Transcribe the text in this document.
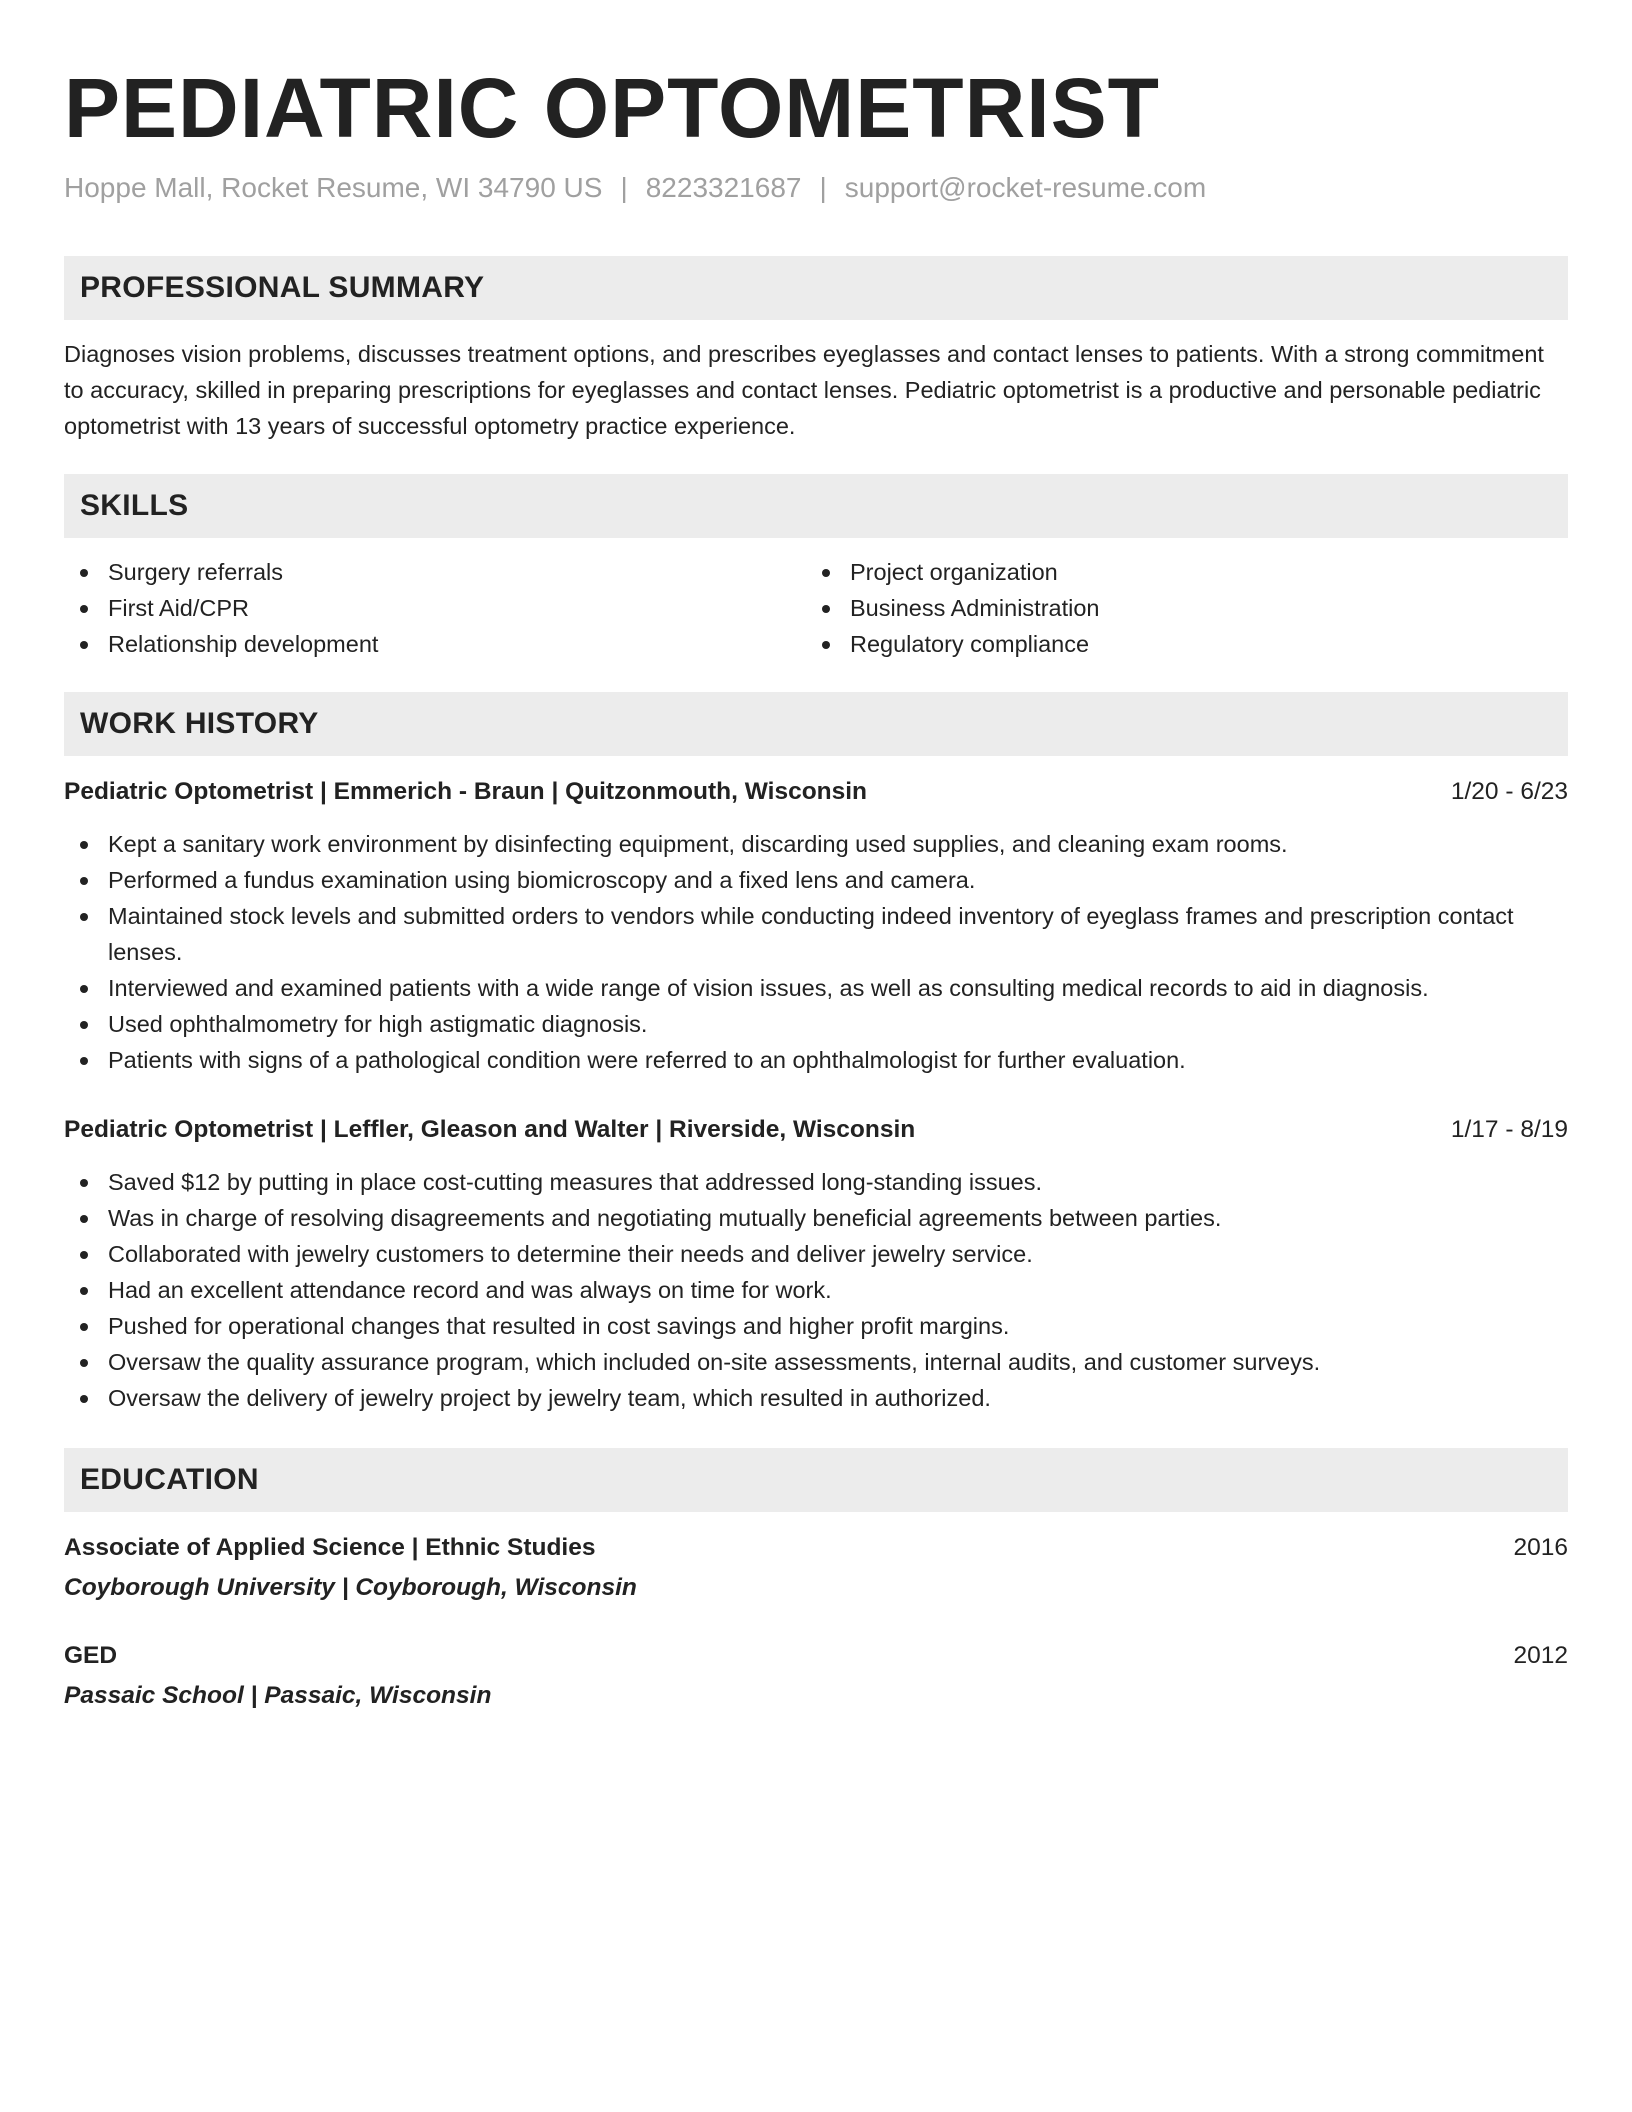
PEDIATRIC OPTOMETRIST
Hoppe Mall, Rocket Resume, WI 34790 US | 8223321687 | support@rocket-resume.com
PROFESSIONAL SUMMARY

Diagnoses vision problems, discusses treatment options, and prescribes eyeglasses and contact lenses to patients. With a strong commitment to accuracy, skilled in preparing prescriptions for eyeglasses and contact lenses. Pediatric optometrist is a productive and personable pediatric optometrist with 13 years of successful optometry practice experience.

SKILLS
Surgery referrals
First Aid/CPR
Relationship development
Project organization
Business Administration
Regulatory compliance
WORK HISTORY
Pediatric Optometrist | Emmerich - Braun | Quitzonmouth, Wisconsin	1/20 - 6/23
Kept a sanitary work environment by disinfecting equipment, discarding used supplies, and cleaning exam rooms.
Performed a fundus examination using biomicroscopy and a fixed lens and camera.
Maintained stock levels and submitted orders to vendors while conducting indeed inventory of eyeglass frames and prescription contact lenses.
Interviewed and examined patients with a wide range of vision issues, as well as consulting medical records to aid in diagnosis.
Used ophthalmometry for high astigmatic diagnosis.
Patients with signs of a pathological condition were referred to an ophthalmologist for further evaluation.
Pediatric Optometrist | Leffler, Gleason and Walter | Riverside, Wisconsin	1/17 - 8/19
Saved $12 by putting in place cost-cutting measures that addressed long-standing issues.
Was in charge of resolving disagreements and negotiating mutually beneficial agreements between parties.
Collaborated with jewelry customers to determine their needs and deliver jewelry service.
Had an excellent attendance record and was always on time for work.
Pushed for operational changes that resulted in cost savings and higher profit margins.
Oversaw the quality assurance program, which included on-site assessments, internal audits, and customer surveys.
Oversaw the delivery of jewelry project by jewelry team, which resulted in authorized.
EDUCATION
Associate of Applied Science | Ethnic Studies	2016
Coyborough University | Coyborough, Wisconsin
GED	2012
Passaic School | Passaic, Wisconsin
